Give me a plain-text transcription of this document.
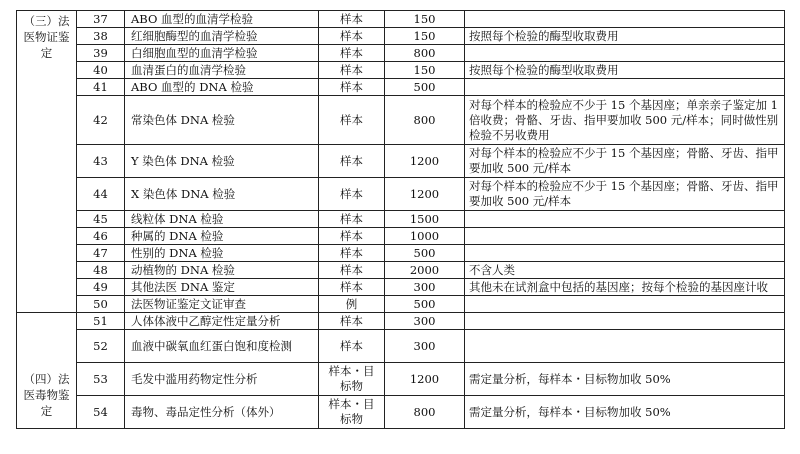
（三）法医物证鉴定	37	ABO 血型的血清学检验	样本	150	
	38	红细胞酶型的血清学检验	样本	150	按照每个检验的酶型收取费用
	39	白细胞血型的血清学检验	样本	800	
	40	血清蛋白的血清学检验	样本	150	按照每个检验的酶型收取费用
	41	ABO 血型的 DNA 检验	样本	500	
	42	常染色体 DNA 检验	样本	800	对每个样本的检验应不少于 15 个基因座；单亲亲子鉴定加 1 倍收费；骨骼、牙齿、指甲要加收 500 元/样本；同时做性别检验不另收费用
	43	Y 染色体 DNA 检验	样本	1200	对每个样本的检验应不少于 15 个基因座；骨骼、牙齿、指甲要加收 500 元/样本
	44	X 染色体 DNA 检验	样本	1200	对每个样本的检验应不少于 15 个基因座；骨骼、牙齿、指甲要加收 500 元/样本
	45	线粒体 DNA 检验	样本	1500	
	46	种属的 DNA 检验	样本	1000	
	47	性别的 DNA 检验	样本	500	
	48	动植物的 DNA 检验	样本	2000	不含人类
	49	其他法医 DNA 鉴定	样本	300	其他未在试剂盒中包括的基因座；按每个检验的基因座计收
	50	法医物证鉴定文证审查	例	500	
（四）法医毒物鉴定	51	人体体液中乙醇定性定量分析	样本	300	
	52	血液中碳氧血红蛋白饱和度检测	样本	300	
	53	毛发中滥用药物定性分析	样本・目标物	1200	需定量分析，每样本・目标物加收 50%
	54	毒物、毒品定性分析（体外）	样本・目标物	800	需定量分析，每样本・目标物加收 50%
